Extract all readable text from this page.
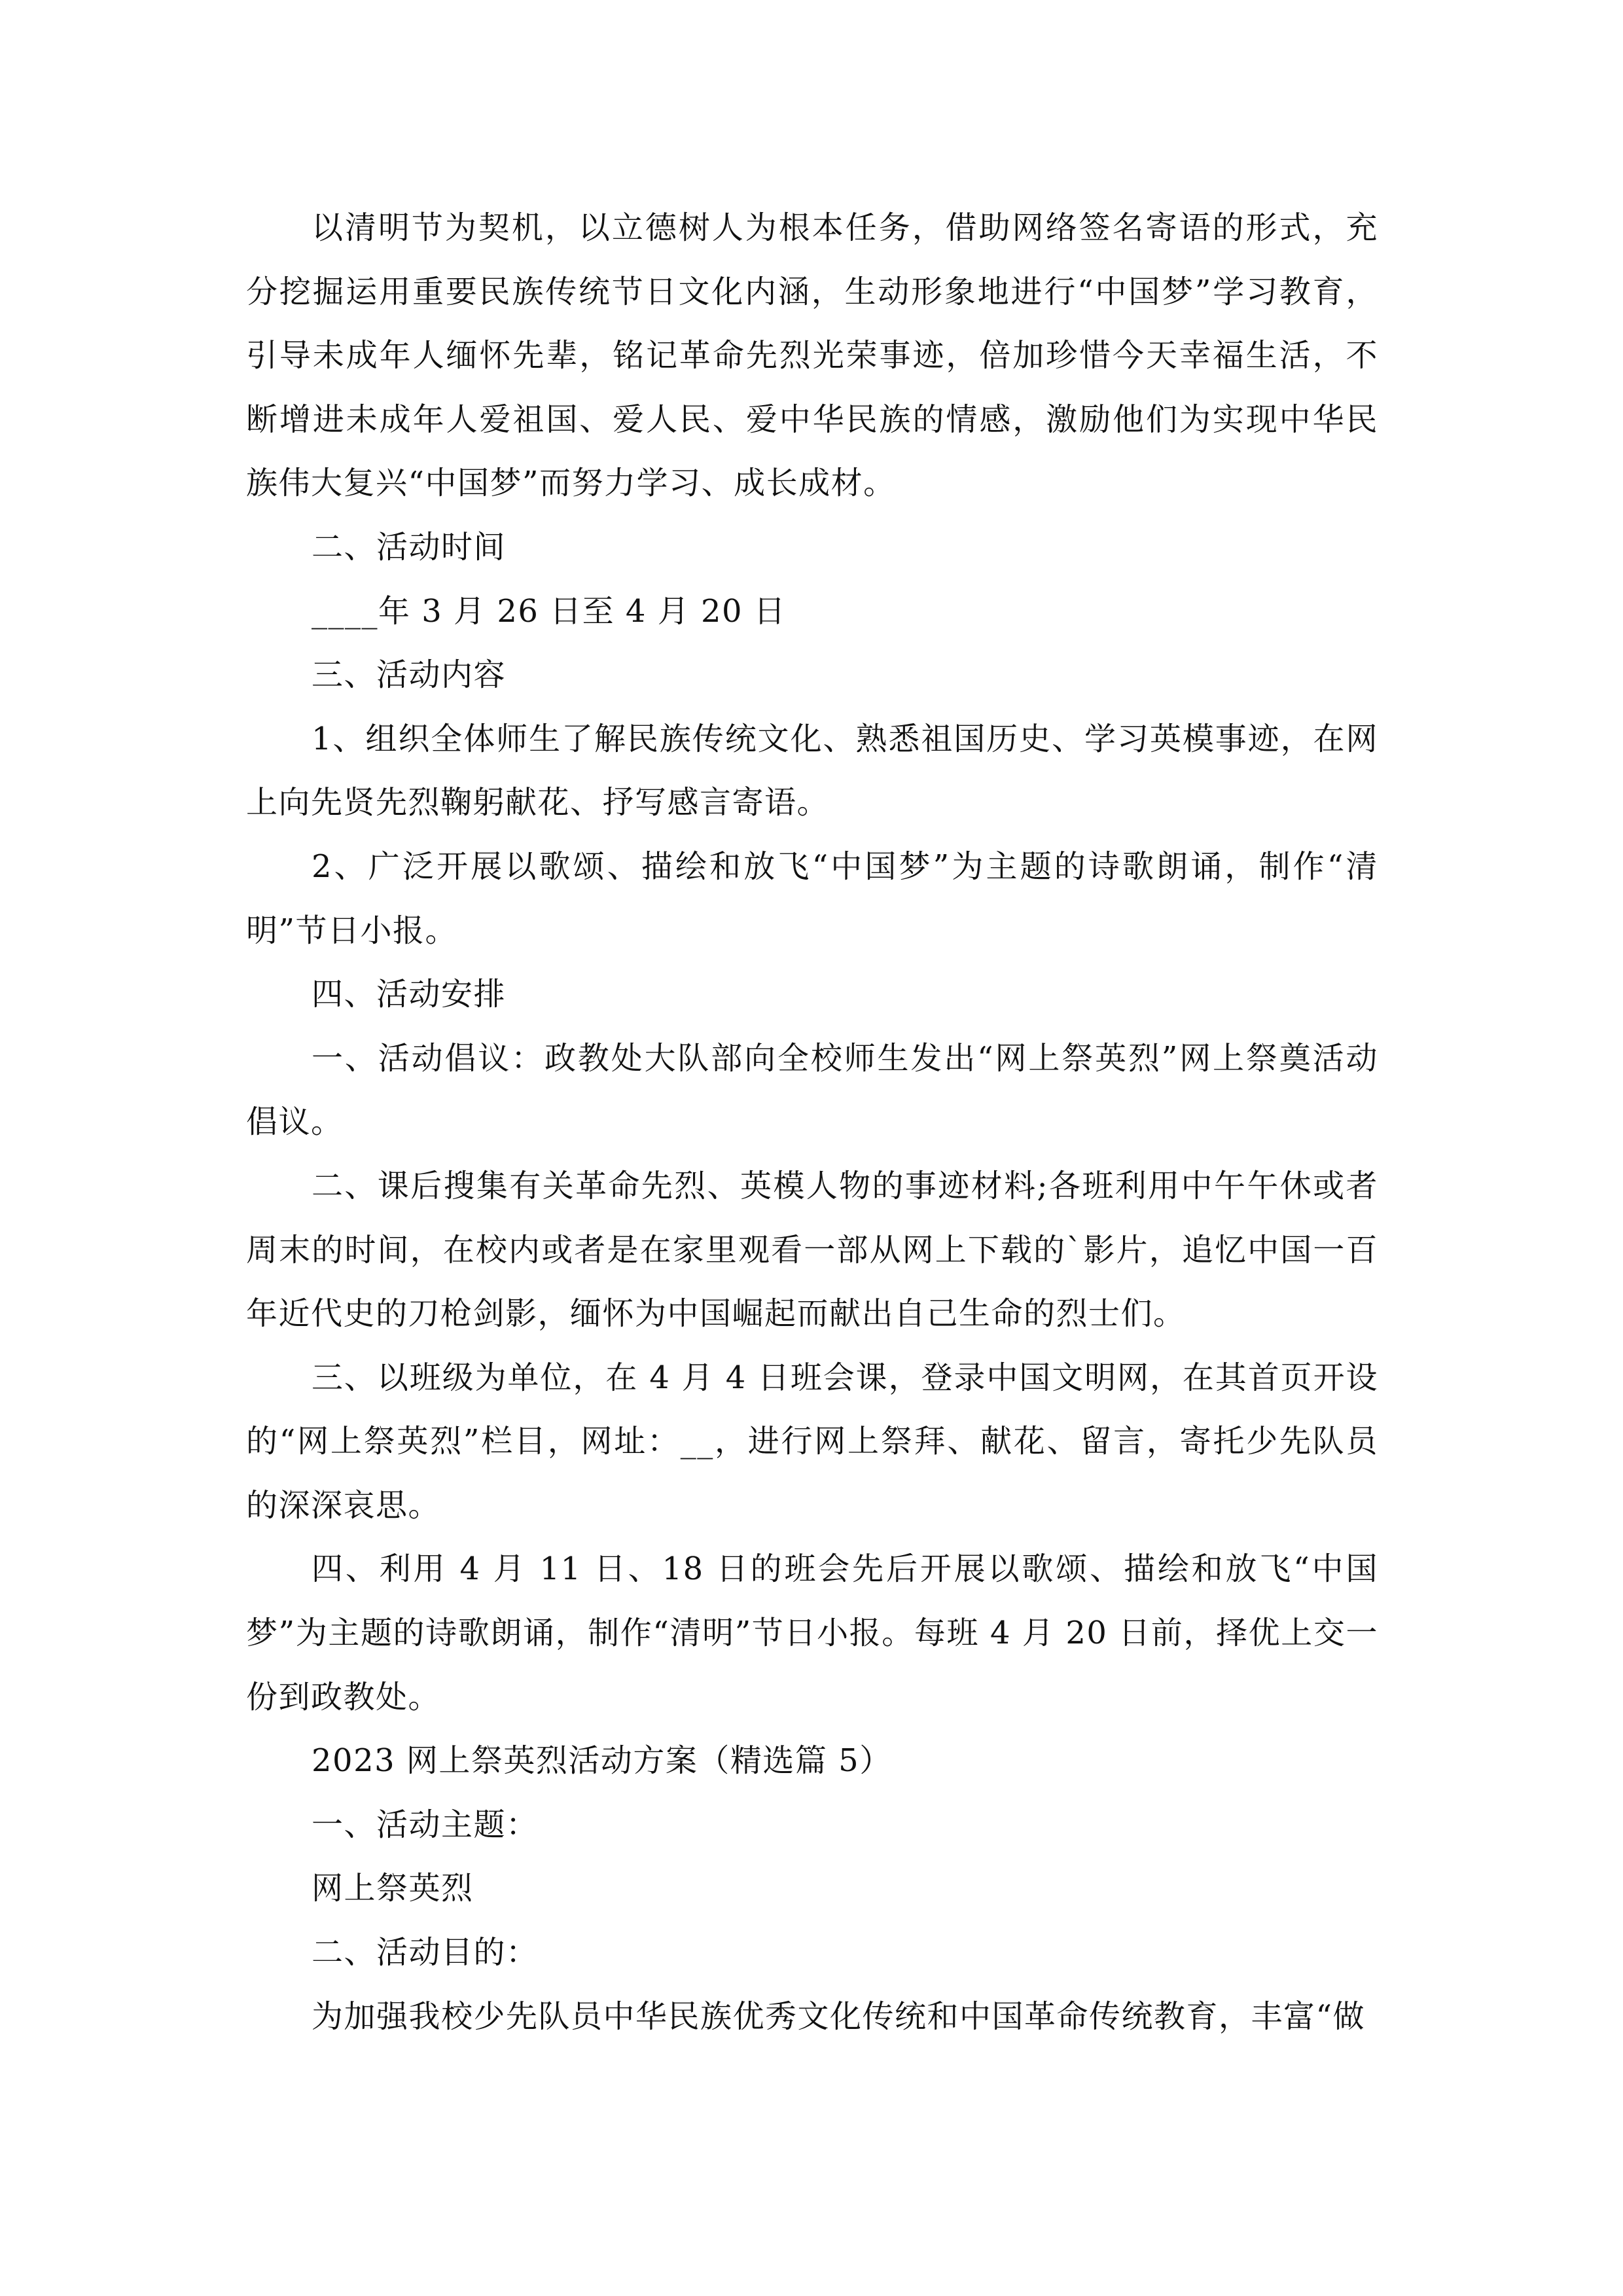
以清明节为契机，以立德树人为根本任务，借助网络签名寄语的形式，充分挖掘运用重要民族传统节日文化内涵，生动形象地进行“中国梦”学习教育，引导未成年人缅怀先辈，铭记革命先烈光荣事迹，倍加珍惜今天幸福生活，不断增进未成年人爱祖国、爱人民、爱中华民族的情感，激励他们为实现中华民族伟大复兴“中国梦”而努力学习、成长成材。

二、活动时间

____年 3 月 26 日至 4 月 20 日

三、活动内容

1、组织全体师生了解民族传统文化、熟悉祖国历史、学习英模事迹，在网上向先贤先烈鞠躬献花、抒写感言寄语。

2、广泛开展以歌颂、描绘和放飞“中国梦”为主题的诗歌朗诵，制作“清明”节日小报。

四、活动安排

一、活动倡议：政教处大队部向全校师生发出“网上祭英烈”网上祭奠活动倡议。

二、课后搜集有关革命先烈、英模人物的事迹材料;各班利用中午午休或者周末的时间，在校内或者是在家里观看一部从网上下载的`影片，追忆中国一百年近代史的刀枪剑影，缅怀为中国崛起而献出自己生命的烈士们。

三、以班级为单位，在 4 月 4 日班会课，登录中国文明网，在其首页开设的“网上祭英烈”栏目，网址：__，进行网上祭拜、献花、留言，寄托少先队员的深深哀思。

四、利用 4 月 11 日、18 日的班会先后开展以歌颂、描绘和放飞“中国梦”为主题的诗歌朗诵，制作“清明”节日小报。每班 4 月 20 日前，择优上交一份到政教处。

2023 网上祭英烈活动方案（精选篇 5）

一、活动主题：

网上祭英烈

二、活动目的：

为加强我校少先队员中华民族优秀文化传统和中国革命传统教育，丰富“做
